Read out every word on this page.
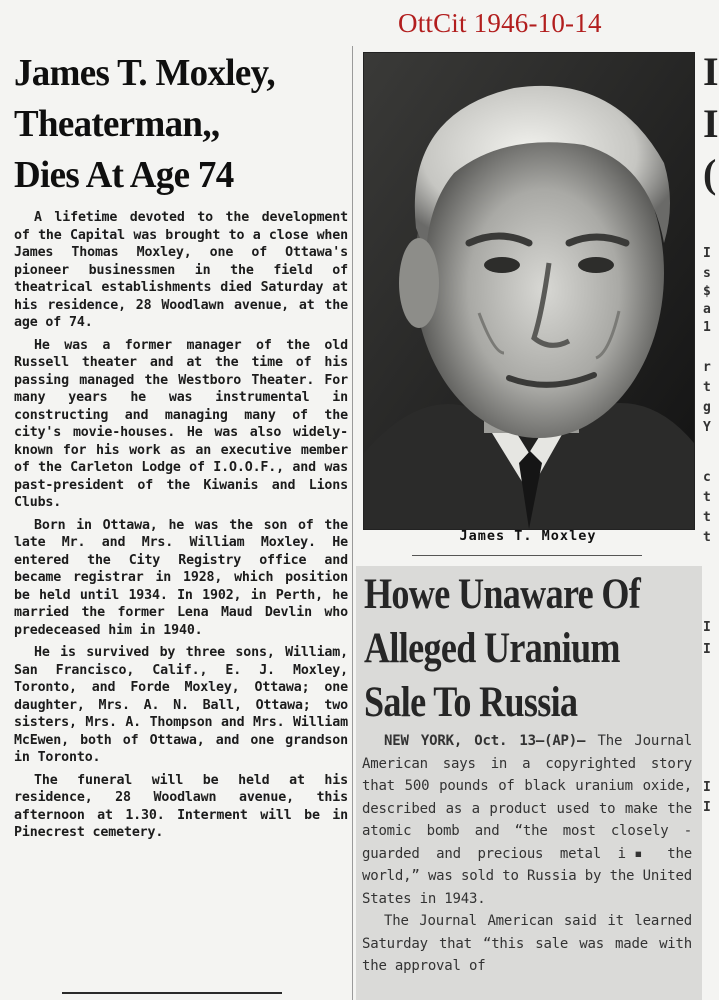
OttCit 1946-10-14
James T. Moxley,
Theaterman,,
Dies At Age 74

A lifetime devoted to the development of the Capital was brought to a close when James Thomas Moxley, one of Ottawa's pioneer businessmen in the field of theatrical establishments died Saturday at his residence, 28 Woodlawn avenue, at the age of 74.

He was a former manager of the old Russell theater and at the time of his passing managed the Westboro Theater. For many years he was instrumental in constructing and managing many of the city's movie-houses. He was also widely-known for his work as an executive member of the Carleton Lodge of I.O.O.F., and was past-president of the Kiwanis and Lions Clubs.

Born in Ottawa, he was the son of the late Mr. and Mrs. William Moxley. He entered the City Registry office and became registrar in 1928, which position be held until 1934. In 1902, in Perth, he married the former Lena Maud Devlin who predeceased him in 1940.

He is survived by three sons, William, San Francisco, Calif., E. J. Moxley, Toronto, and Forde Moxley, Ottawa; one daughter, Mrs. A. N. Ball, Ottawa; two sisters, Mrs. A. Thompson and Mrs. William McEwen, both of Ottawa, and one grandson in Toronto.

The funeral will be held at his residence, 28 Woodlawn avenue, this afternoon at 1.30. Interment will be in Pinecrest cemetery.

James T. Moxley
Howe Unaware Of
Alleged Uranium
Sale To Russia

NEW YORK, Oct. 13—(AP)— The Journal American says in a copyrighted story that 500 pounds of black uranium oxide, described as a product used to make the atomic bomb and “the most closely - guarded and precious metal i▪ the world,” was sold to Russia by the United States in 1943.

The Journal American said it learned Saturday that “this sale was made with the approval of

I
I
(
I
s
$
a
1
r
t
g
Y
c
t
t
t
I
I
I
I
